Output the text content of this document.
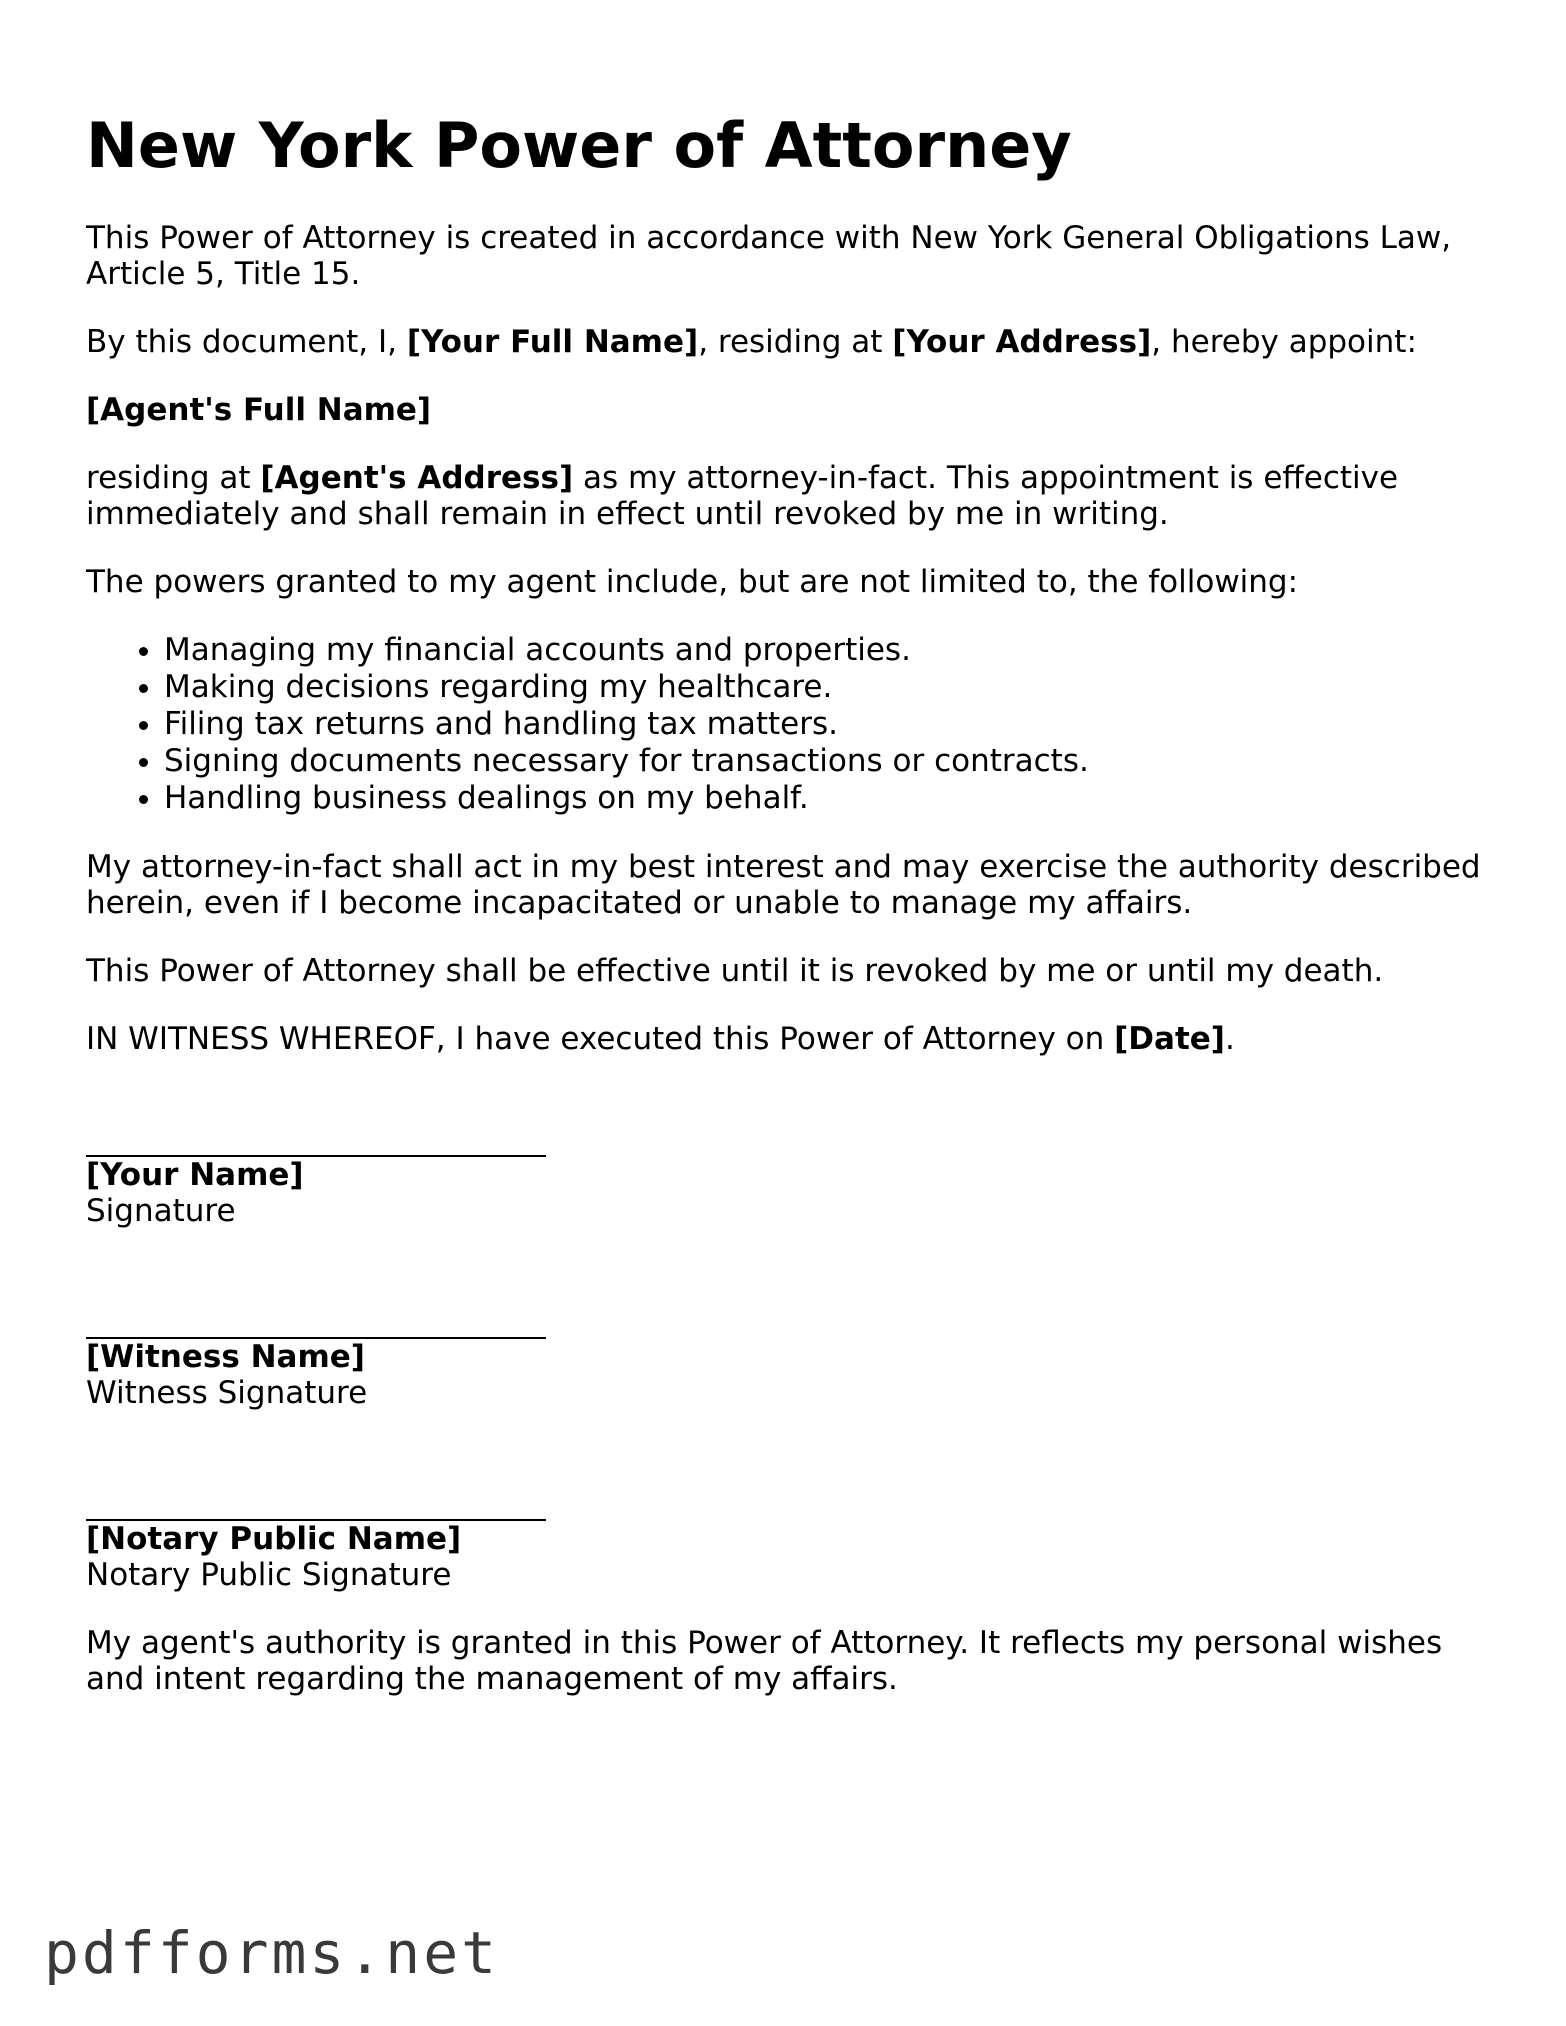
New York Power of Attorney

This Power of Attorney is created in accordance with New York General Obligations Law, Article 5, Title 15.

By this document, I, [Your Full Name], residing at [Your Address], hereby appoint:

[Agent's Full Name]

residing at [Agent's Address] as my attorney-in-fact. This appointment is effective immediately and shall remain in effect until revoked by me in writing.

The powers granted to my agent include, but are not limited to, the following:

• Managing my financial accounts and properties.
• Making decisions regarding my healthcare.
• Filing tax returns and handling tax matters.
• Signing documents necessary for transactions or contracts.
• Handling business dealings on my behalf.

My attorney-in-fact shall act in my best interest and may exercise the authority described herein, even if I become incapacitated or unable to manage my affairs.

This Power of Attorney shall be effective until it is revoked by me or until my death.

IN WITNESS WHEREOF, I have executed this Power of Attorney on [Date].

[Your Name]
Signature
[Witness Name]
Witness Signature
[Notary Public Name]
Notary Public Signature

My agent's authority is granted in this Power of Attorney. It reflects my personal wishes and intent regarding the management of my affairs.

pdfforms.net
